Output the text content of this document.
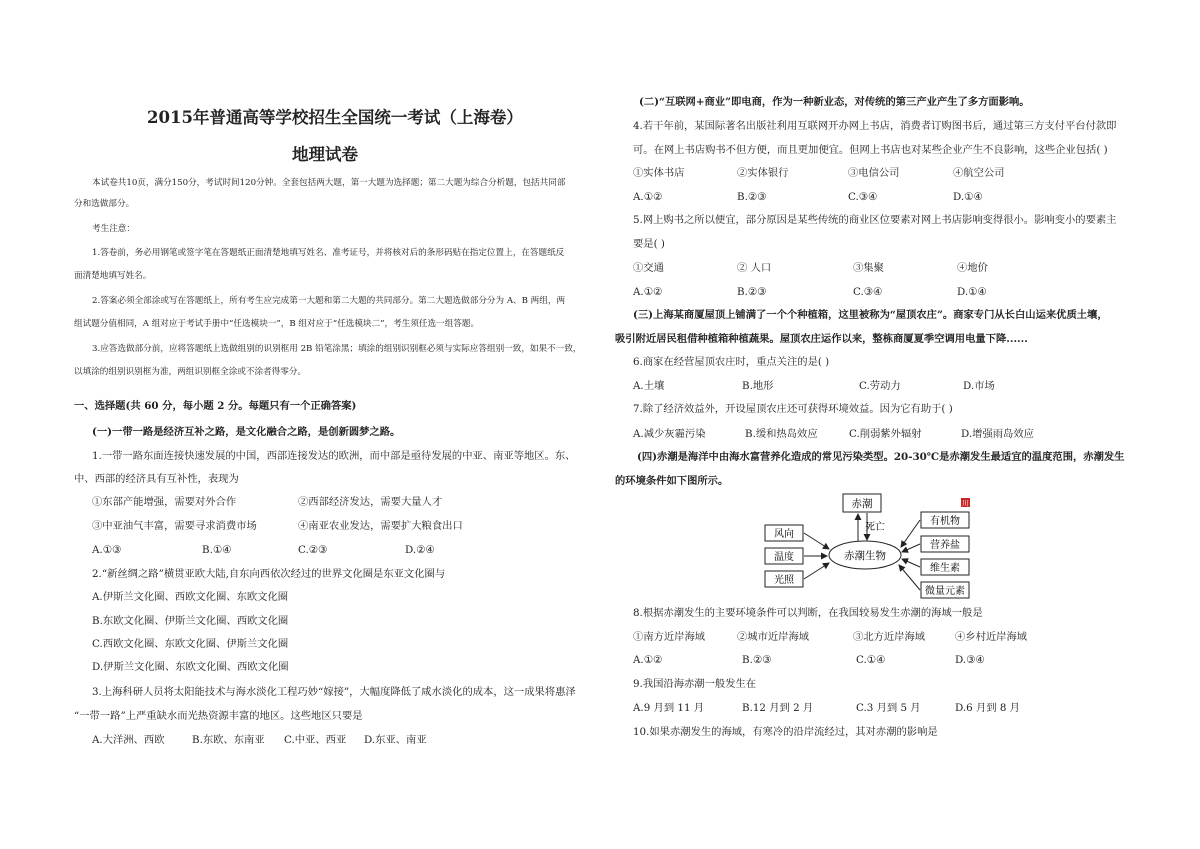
2015年普通高等学校招生全国统一考试（上海卷）
地理试卷
本试卷共10页，满分150分，考试时间120分钟。全套包括两大题，第一大题为选择题；第二大题为综合分析题，包括共同部
分和选做部分。
考生注意：
1.答卷前，务必用钢笔或签字笔在答题纸正面清楚地填写姓名、准考证号，并将核对后的条形码贴在指定位置上，在答题纸反
面清楚地填写姓名。
2.答案必须全部涂或写在答题纸上，所有考生应完成第一大题和第二大题的共同部分。第二大题选做部分分为 A、B 两组，两
组试题分值相同，A 组对应于考试手册中“任选模块一”，B 组对应于“任选模块二”，考生须任选一组答题。
3.应答选做部分前，应将答题纸上选做组别的识别框用 2B 铅笔涂黑；填涂的组别识别框必须与实际应答组别一致，如果不一致，
以填涂的组别识别框为准，两组识别框全涂或不涂者得零分。
一、选择题(共 60 分，每小题 2 分。每题只有一个正确答案)
(一)一带一路是经济互补之路，是文化融合之路，是创新圆梦之路。
1.一带一路东面连接快速发展的中国，西部连接发达的欧洲，而中部是亟待发展的中亚、南亚等地区。东、
中、西部的经济具有互补性，表现为
①东部产能增强，需要对外合作	②西部经济发达，需要大量人才
③中亚油气丰富，需要寻求消费市场	④南亚农业发达，需要扩大粮食出口
A.①③	B.①④	C.②③	D.②④
2.“新丝绸之路”横贯亚欧大陆,自东向西依次经过的世界文化圈是东亚文化圈与
A.伊斯兰文化圈、西欧文化圈、东欧文化圈
B.东欧文化圈、伊斯兰文化圈、西欧文化圈
C.西欧文化圈、东欧文化圈、伊斯兰文化圈
D.伊斯兰文化圈、东欧文化圈、西欧文化圈
3.上海科研人员将太阳能技术与海水淡化工程巧妙“嫁接”，大幅度降低了咸水淡化的成本，这一成果将惠泽
“一带一路”上严重缺水而光热资源丰富的地区。这些地区只要是
A.大洋洲、西欧	B.东欧、东南亚 C.中亚、西亚 D.东亚、南亚
(二)“互联网+商业”即电商，作为一种新业态，对传统的第三产业产生了多方面影响。
4.若干年前，某国际著名出版社利用互联网开办网上书店，消费者订购图书后，通过第三方支付平台付款即
可。在网上书店购书不但方便，而且更加便宜。但网上书店也对某些企业产生不良影响，这些企业包括( )
①实体书店	②实体银行	③电信公司	④航空公司
A.①②	B.②③	C.③④	D.①④
5.网上购书之所以便宜，部分原因是某些传统的商业区位要素对网上书店影响变得很小。影响变小的要素主
要是( )
①交通	② 人口	③集聚	④地价
A.①②	B.②③	C.③④	D.①④
(三)上海某商厦屋顶上铺满了一个个种植箱，这里被称为“屋顶农庄”。商家专门从长白山运来优质土壤，
吸引附近居民租借种植箱种植蔬果。屋顶农庄运作以来，整栋商厦夏季空调用电量下降......
6.商家在经营屋顶农庄时，重点关注的是( )
A.土壤	B.地形	C.劳动力	D.市场
7.除了经济效益外，开设屋顶农庄还可获得环境效益。因为它有助于( )
A.减少灰霾污染	B.缓和热岛效应	C.削弱紫外辐射	D.增强雨岛效应
(四)赤潮是海洋中由海水富营养化造成的常见污染类型。20-30℃是赤潮发生最适宜的温度范围，赤潮发生
的环境条件如下图所示。
赤潮
死亡
赤潮生物
风向
温度
光照
有机物
营养盐
维生素
微量元素
川
8.根据赤潮发生的主要环境条件可以判断，在我国较易发生赤潮的海域一般是
①南方近岸海域	②城市近岸海域	③北方近岸海域	④乡村近岸海域
A.①②	B.②③	C.①④	D.③④
9.我国沿海赤潮一般发生在
A.9 月到 11 月	B.12 月到 2 月	C.3 月到 5 月	D.6 月到 8 月
10.如果赤潮发生的海域，有寒冷的沿岸流经过，其对赤潮的影响是
